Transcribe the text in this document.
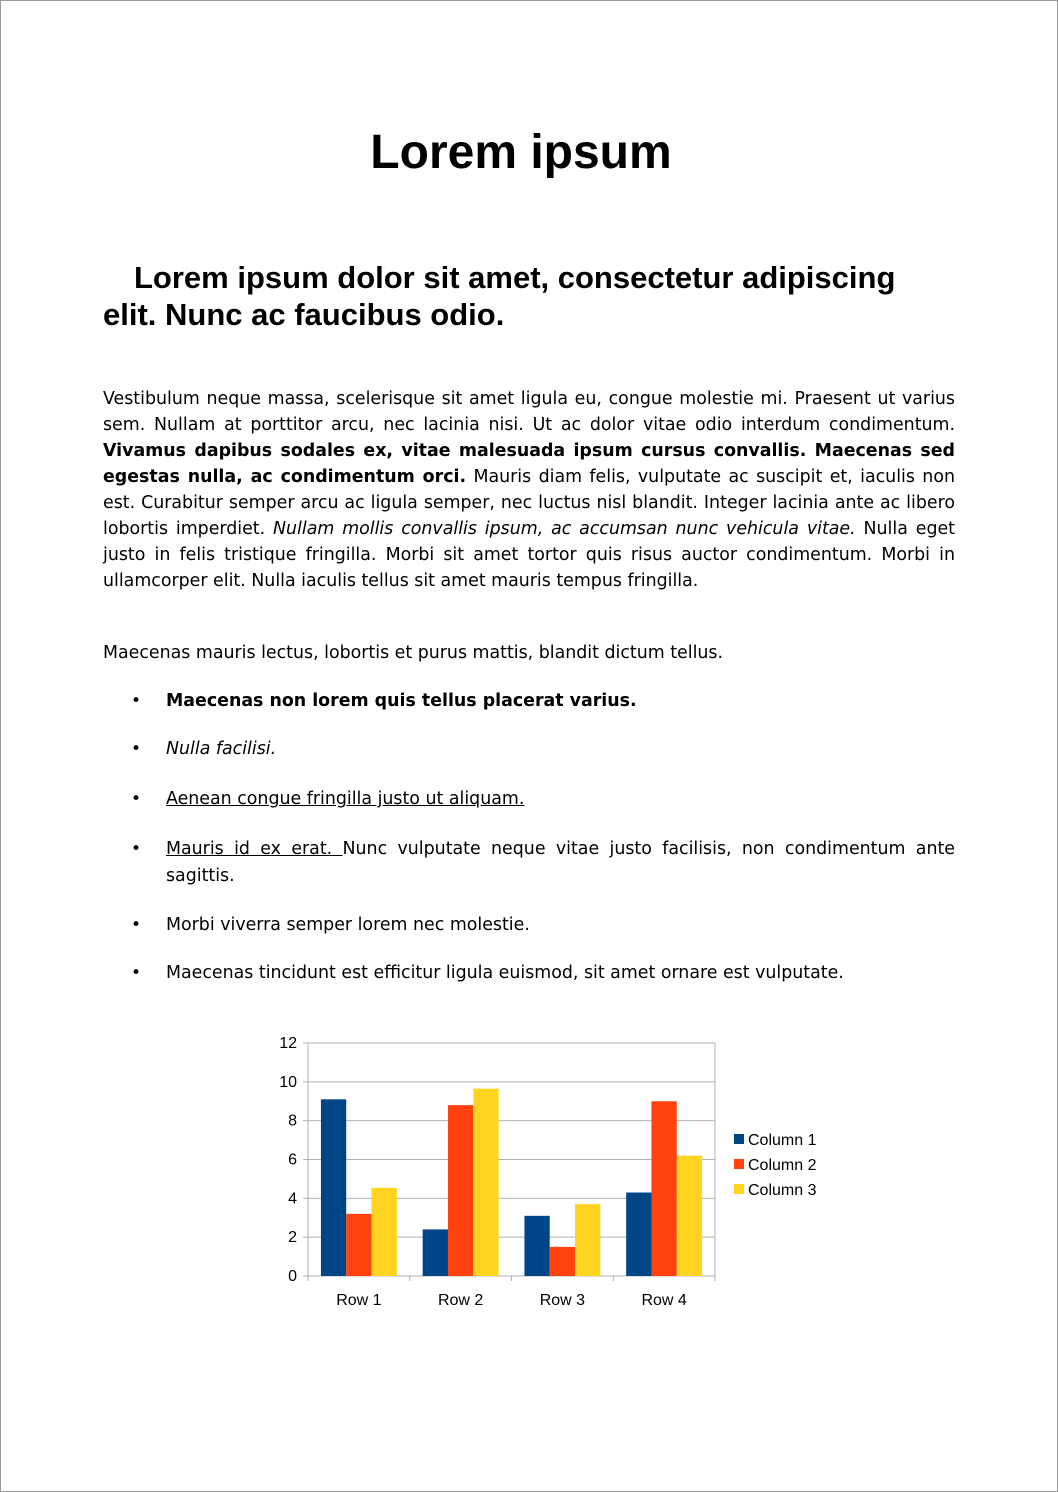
Lorem ipsum
Lorem ipsum dolor sit amet, consectetur adipiscing elit. Nunc ac faucibus odio.

Vestibulum neque massa, scelerisque sit amet ligula eu, congue molestie mi. Praesent ut varius sem. Nullam at porttitor arcu, nec lacinia nisi. Ut ac dolor vitae odio interdum condimentum. Vivamus dapibus sodales ex, vitae malesuada ipsum cursus convallis. Maecenas sed egestas nulla, ac condimentum orci. Mauris diam felis, vulputate ac suscipit et, iaculis non est. Curabitur semper arcu ac ligula semper, nec luctus nisl blandit. Integer lacinia ante ac libero lobortis imperdiet. Nullam mollis convallis ipsum, ac accumsan nunc vehicula vitae. Nulla eget justo in felis tristique fringilla. Morbi sit amet tortor quis risus auctor condimentum. Morbi in ullamcorper elit. Nulla iaculis tellus sit amet mauris tempus fringilla.

Maecenas mauris lectus, lobortis et purus mattis, blandit dictum tellus.

• Maecenas non lorem quis tellus placerat varius.
• Nulla facilisi.
• Aenean congue fringilla justo ut aliquam.
• Mauris id ex erat. Nunc vulputate neque vitae justo facilisis, non condimentum ante sagittis.
• Morbi viverra semper lorem nec molestie.
• Maecenas tincidunt est efficitur ligula euismod, sit amet ornare est vulputate.
0
2
4
6
8
10
12
Row 1	Row 2	Row 3	Row 4
Column 1
Column 2
Column 3
